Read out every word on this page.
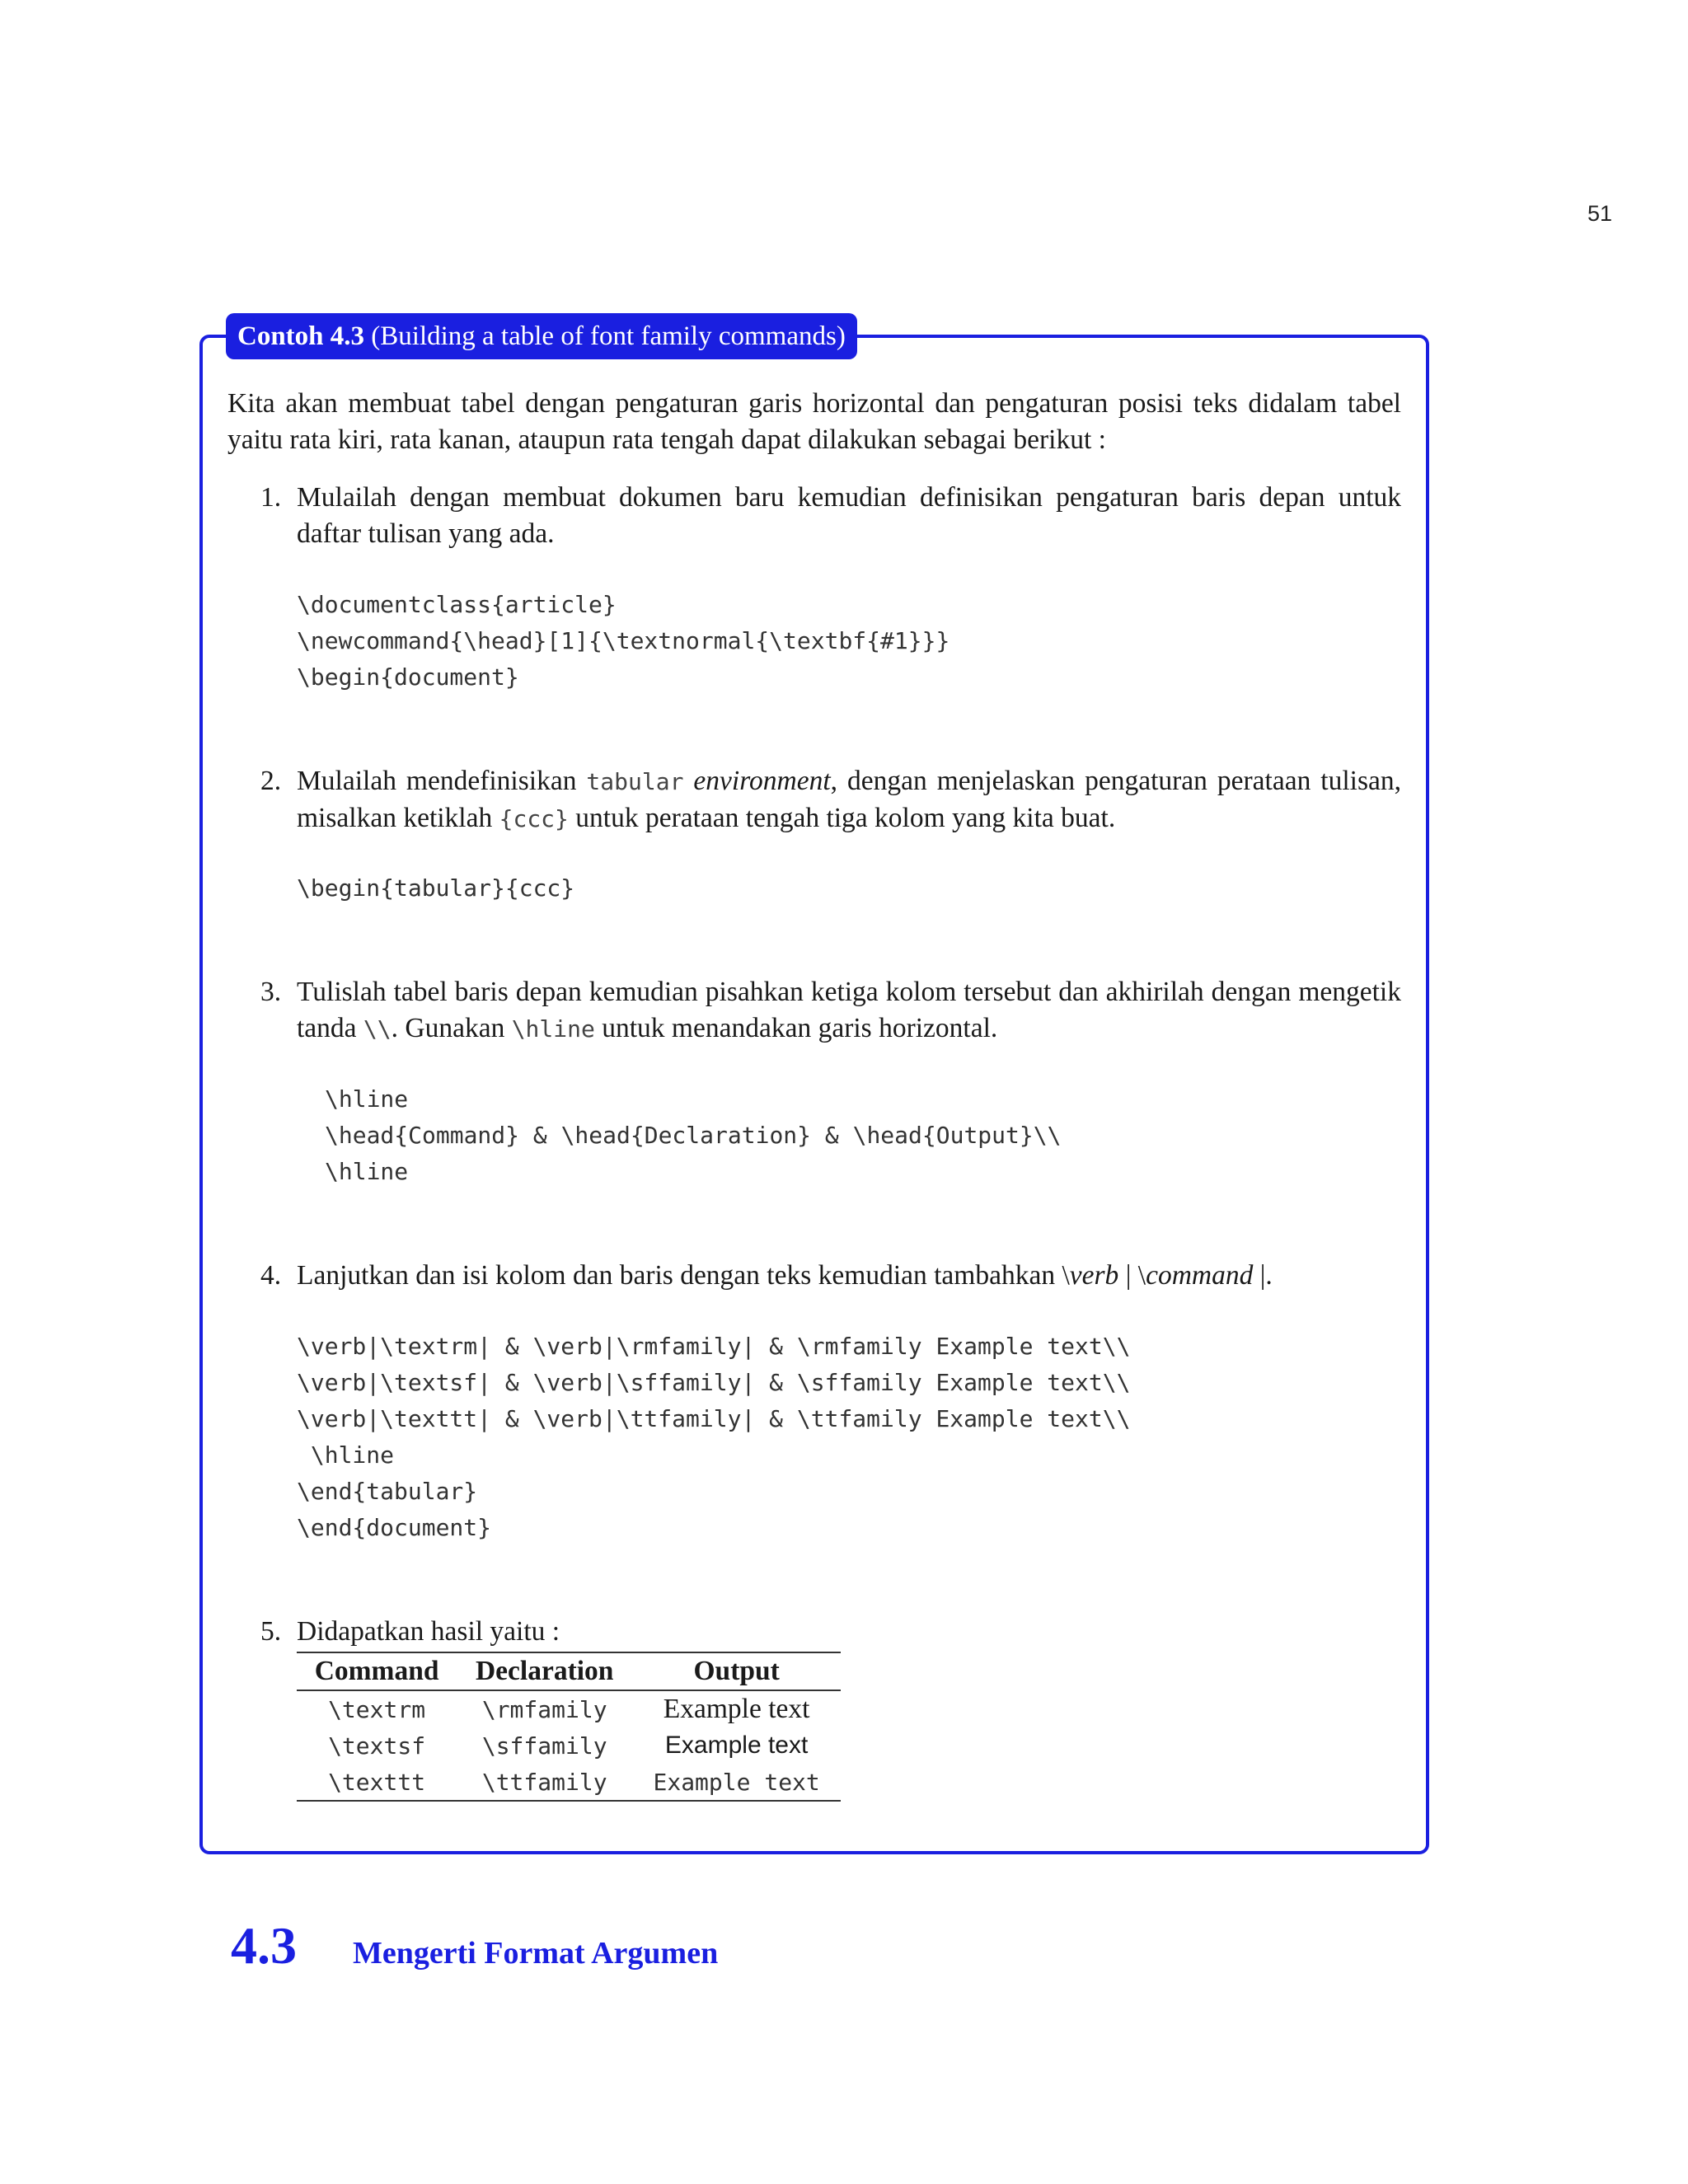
51
Contoh 4.3 (Building a table of font family commands)
Kita akan membuat tabel dengan pengaturan garis horizontal dan pengaturan posisi teks didalam tabel yaitu rata kiri, rata kanan, ataupun rata tengah dapat dilakukan sebagai berikut :
1. Mulailah dengan membuat dokumen baru kemudian definisikan pengaturan baris depan untuk daftar tulisan yang ada.
\documentclass{article}
\newcommand{\head}[1]{\textnormal{\textbf{#1}}}
\begin{document}
2. Mulailah mendefinisikan tabular environment, dengan menjelaskan pengaturan perataan tulisan, misalkan ketiklah {ccc} untuk perataan tengah tiga kolom yang kita buat.
\begin{tabular}{ccc}
3. Tulislah tabel baris depan kemudian pisahkan ketiga kolom tersebut dan akhirilah dengan mengetik tanda \\. Gunakan \hline untuk menandakan garis horizontal.
\hline
\head{Command} & \head{Declaration} & \head{Output}\\
\hline
4. Lanjutkan dan isi kolom dan baris dengan teks kemudian tambahkan \verb | \command |.
\verb|\textrm| & \verb|\rmfamily| & \rmfamily Example text\\
\verb|\textsf| & \verb|\sffamily| & \sffamily Example text\\
\verb|\texttt| & \verb|\ttfamily| & \ttfamily Example text\\
\hline
\end{tabular}
\end{document}
5. Didapatkan hasil yaitu :
Command	Declaration	Output
\textrm	\rmfamily	Example text
\textsf	\sffamily	Example text
\texttt	\ttfamily	Example text
4.3 Mengerti Format Argumen
